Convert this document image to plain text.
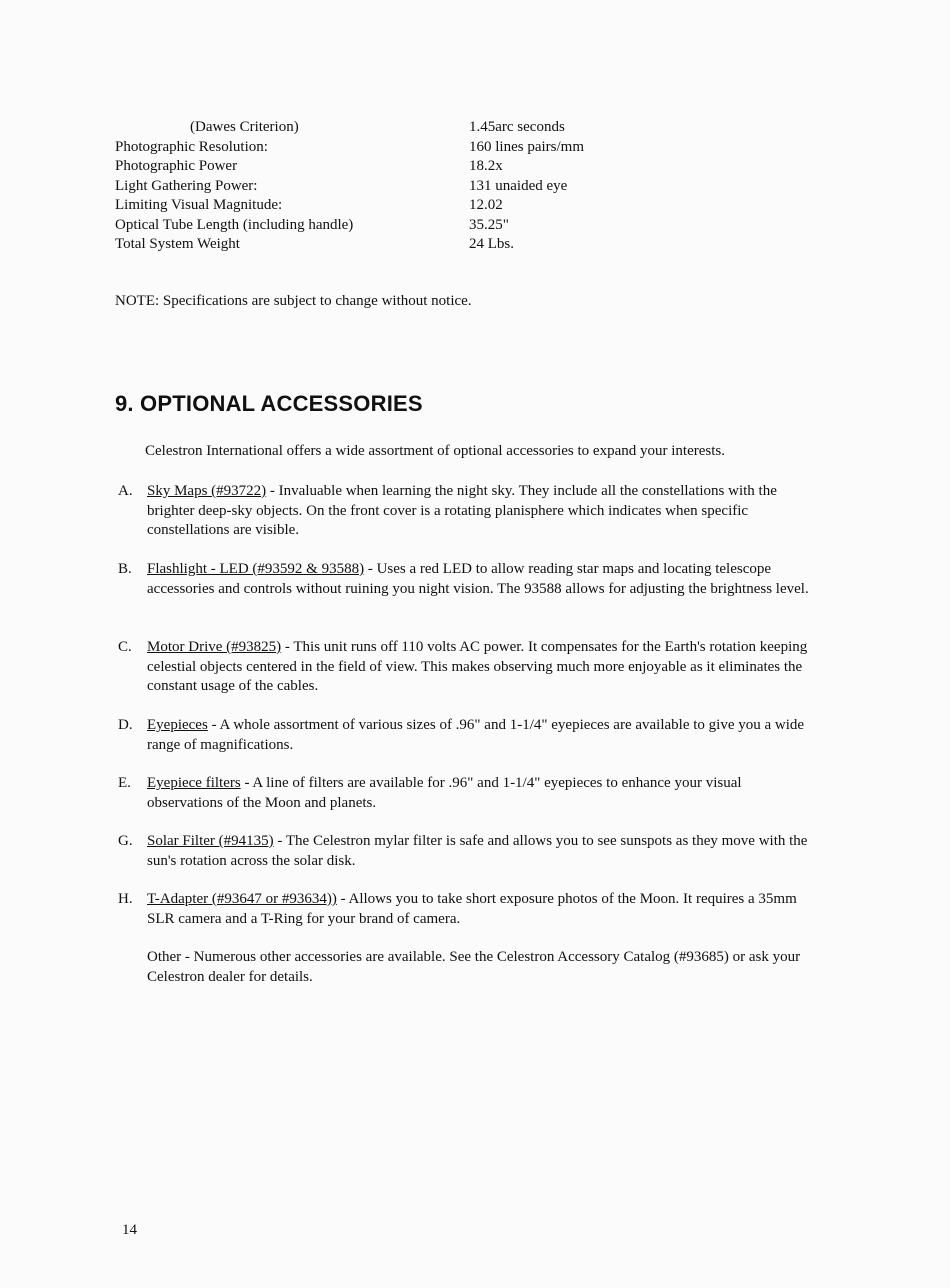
(Dawes Criterion)	1.45arc seconds
Photographic Resolution:	160 lines pairs/mm
Photographic Power	18.2x
Light Gathering Power:	131 unaided eye
Limiting Visual Magnitude:	12.02
Optical Tube Length (including handle)	35.25"
Total System Weight	24 Lbs.
NOTE: Specifications are subject to change without notice.
9. OPTIONAL ACCESSORIES
Celestron International offers a wide assortment of optional accessories to expand your interests.
A. Sky Maps (#93722) - Invaluable when learning the night sky. They include all the constellations with the brighter deep-sky objects. On the front cover is a rotating planisphere which indicates when specific constellations are visible.
B. Flashlight - LED (#93592 & 93588) - Uses a red LED to allow reading star maps and locating telescope accessories and controls without ruining you night vision. The 93588 allows for adjusting the brightness level.
C. Motor Drive (#93825) - This unit runs off 110 volts AC power. It compensates for the Earth's rotation keeping celestial objects centered in the field of view. This makes observing much more enjoyable as it eliminates the constant usage of the cables.
D. Eyepieces - A whole assortment of various sizes of .96" and 1-1/4" eyepieces are available to give you a wide range of magnifications.
E. Eyepiece filters - A line of filters are available for .96" and 1-1/4" eyepieces to enhance your visual observations of the Moon and planets.
G. Solar Filter (#94135) - The Celestron mylar filter is safe and allows you to see sunspots as they move with the sun's rotation across the solar disk.
H. T-Adapter (#93647 or #93634)) - Allows you to take short exposure photos of the Moon. It requires a 35mm SLR camera and a T-Ring for your brand of camera.
Other - Numerous other accessories are available. See the Celestron Accessory Catalog (#93685) or ask your Celestron dealer for details.
14
